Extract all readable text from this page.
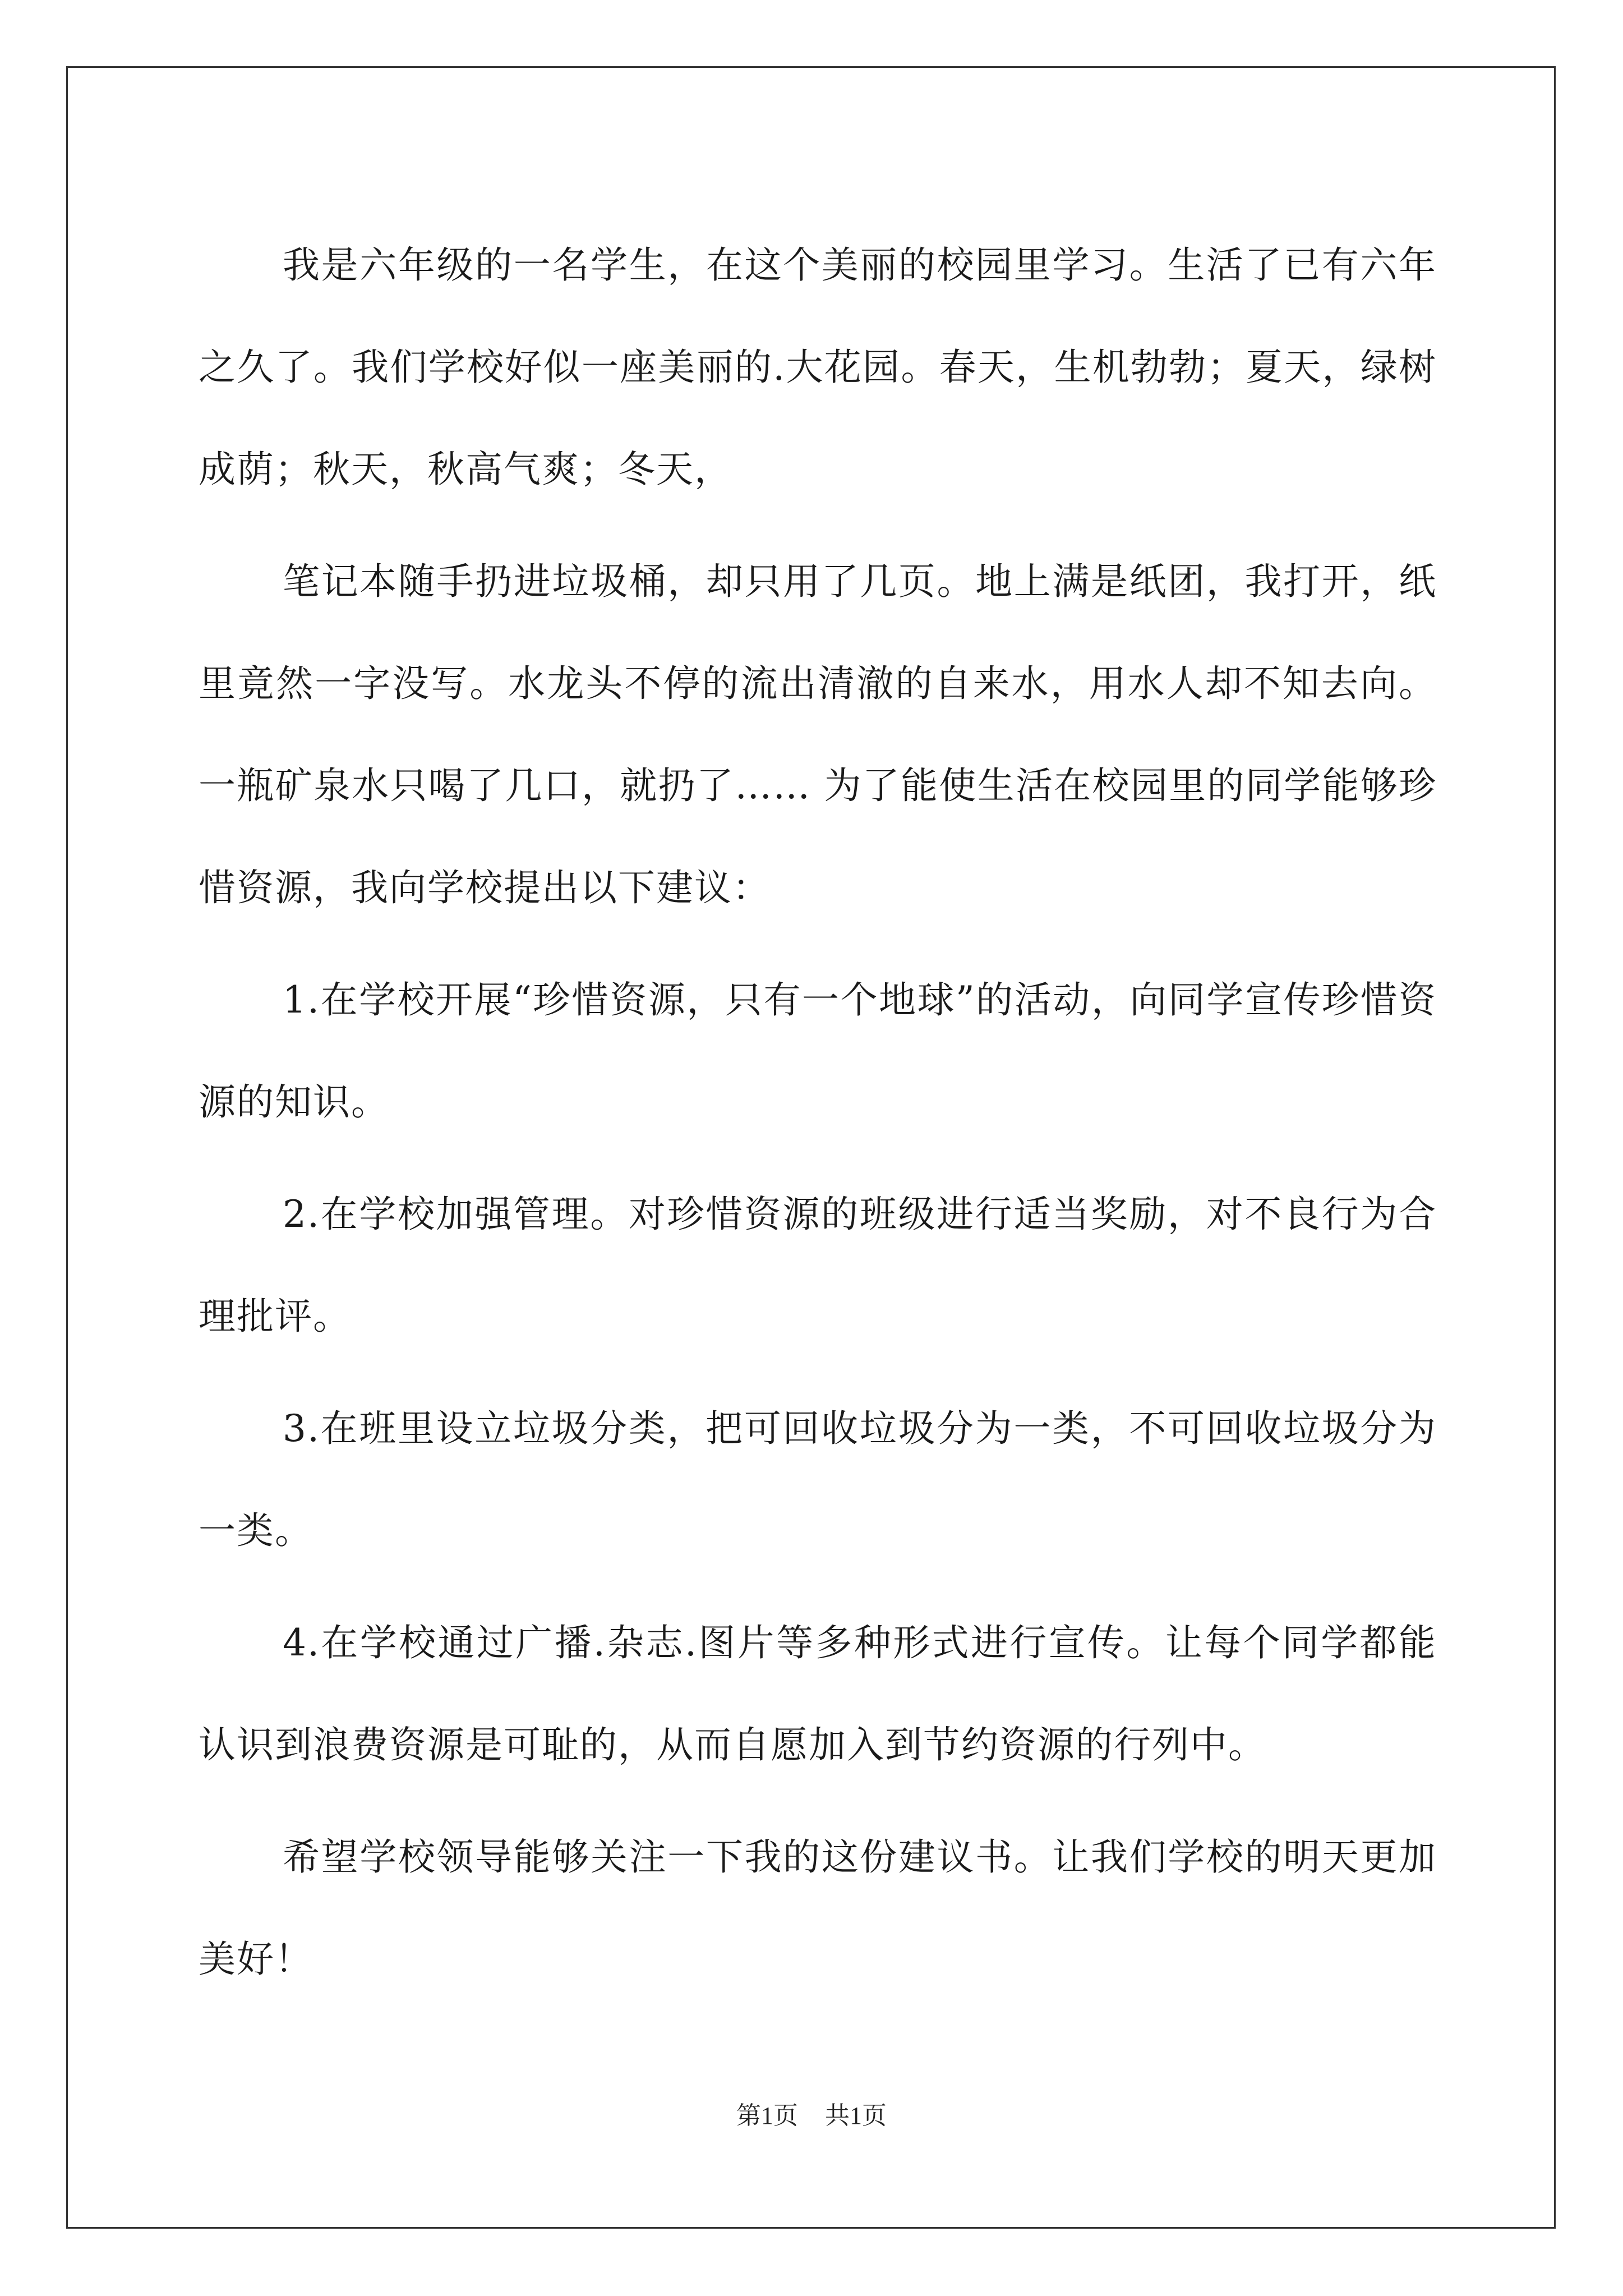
我是六年级的一名学生，在这个美丽的校园里学习。生活了已有六年之久了。我们学校好似一座美丽的.大花园。春天，生机勃勃；夏天，绿树成荫；秋天，秋高气爽；冬天，

笔记本随手扔进垃圾桶，却只用了几页。地上满是纸团，我打开，纸里竟然一字没写。水龙头不停的流出清澈的自来水，用水人却不知去向。一瓶矿泉水只喝了几口，就扔了…… 为了能使生活在校园里的同学能够珍惜资源，我向学校提出以下建议：

1.在学校开展“珍惜资源，只有一个地球”的活动，向同学宣传珍惜资源的知识。

2.在学校加强管理。对珍惜资源的班级进行适当奖励，对不良行为合理批评。

3.在班里设立垃圾分类，把可回收垃圾分为一类，不可回收垃圾分为一类。

4.在学校通过广播.杂志.图片等多种形式进行宣传。让每个同学都能认识到浪费资源是可耻的，从而自愿加入到节约资源的行列中。

希望学校领导能够关注一下我的这份建议书。让我们学校的明天更加美好！

第1页 共1页
